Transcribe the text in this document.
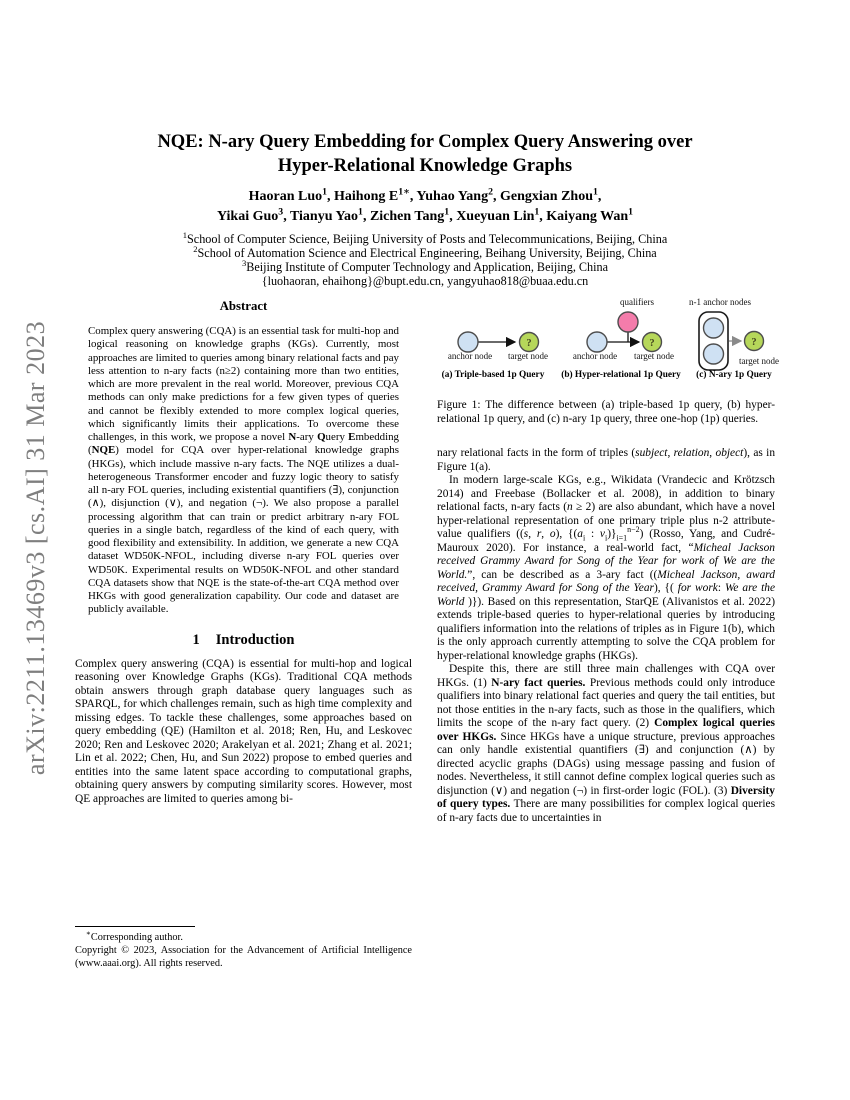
arXiv:2211.13469v3 [cs.AI] 31 Mar 2023
NQE: N-ary Query Embedding for Complex Query Answering over
Hyper-Relational Knowledge Graphs
Haoran Luo$^1$, Haihong $E^{1∗}$, Yuhao Yang$^2$, Gengxian Zhou$^1$,
Yikai Guo$^3$, Tianyu Yao$^1$, Zichen Tang$^1$, Xueyuan Lin$^1$, Kaiyang Wan$^1$
$^1$School of Computer Science, Beijing University of Posts and Telecommunications, Beijing, China
$^2$School of Automation Science and Electrical Engineering, Beihang University, Beijing, China
$^3$Beijing Institute of Computer Technology and Application, Beijing, China
{luohaoran, ehaihong}@bupt.edu.cn, yangyuhao818@buaa.edu.cn
Abstract

Complex query answering (CQA) is an essential task for multi-hop and logical reasoning on knowledge graphs (KGs). Currently, most approaches are limited to queries among binary relational facts and pay less attention to n-ary facts (n≥2) containing more than two entities, which are more prevalent in the real world. Moreover, previous CQA methods can only make predictions for a few given types of queries and cannot be flexibly extended to more complex logical queries, which significantly limits their applications. To overcome these challenges, in this work, we propose a novel N-ary Query Embedding (NQE) model for CQA over hyper-relational knowledge graphs (HKGs), which include massive n-ary facts. The NQE utilizes a dual-heterogeneous Transformer encoder and fuzzy logic theory to satisfy all n-ary FOL queries, including existential quantifiers (∃), conjunction (∧), disjunction (∨), and negation (¬). We also propose a parallel processing algorithm that can train or predict arbitrary n-ary FOL queries in a single batch, regardless of the kind of each query, with good flexibility and extensibility. In addition, we generate a new CQA dataset WD50K-NFOL, including diverse n-ary FOL queries over WD50K. Experimental results on WD50K-NFOL and other standard CQA datasets show that NQE is the state-of-the-art CQA method over HKGs with good generalization capability. Our code and dataset are publicly available.

1 Introduction

Complex query answering (CQA) is essential for multi-hop and logical reasoning over Knowledge Graphs (KGs). Traditional CQA methods obtain answers through graph database query languages such as SPARQL, for which challenges remain, such as high time complexity and missing edges. To tackle these challenges, some approaches based on query embedding (QE) (Hamilton et al. 2018; Ren, Hu, and Leskovec 2020; Ren and Leskovec 2020; Arakelyan et al. 2021; Zhang et al. 2021; Lin et al. 2022; Chen, Hu, and Sun 2022) propose to embed queries and entities into the same latent space according to computational graphs, obtaining query answers by computing similarity scores. However, most QE approaches are limited to queries among bi-

∗Corresponding author.

Copyright © 2023, Association for the Advancement of Artificial Intelligence (www.aaai.org). All rights reserved.

?
anchor node target node
(a) Triple-based 1p Query
?
qualifiers
anchor node target node
(b) Hyper-relational 1p Query
n-1 anchor nodes
?
target node
(c) N-ary 1p Query
Figure 1: The difference between (a) triple-based 1p query, (b) hyper-relational 1p query, and (c) n-ary 1p query, three one-hop (1p) queries.

nary relational facts in the form of triples (subject, relation, object), as in Figure 1(a).

In modern large-scale KGs, e.g., Wikidata (Vrandecic and Krötzsch 2014) and Freebase (Bollacker et al. 2008), in addition to binary relational facts, n-ary facts (n ≥ 2) are also abundant, which have a novel hyper-relational representation of one primary triple plus n-2 attribute-value qualifiers ((s, r, o), {($a_i$ : $v_i)\}_{i=1}^{n-2}$) (Rosso, Yang, and Cudré-Mauroux 2020). For instance, a real-world fact, “Micheal Jackson received Grammy Award for Song of the Year for work of We are the World.”, can be described as a 3-ary fact ((Micheal Jackson, award received, Grammy Award for Song of the Year), {( for work: We are the World )}). Based on this representation, StarQE (Alivanistos et al. 2022) extends triple-based queries to hyper-relational queries by introducing qualifiers information into the relations of triples as in Figure 1(b), which is the only approach currently attempting to solve the CQA problem for hyper-relational knowledge graphs (HKGs).

Despite this, there are still three main challenges with CQA over HKGs. (1) N-ary fact queries. Previous methods could only introduce qualifiers into binary relational fact queries and query the tail entities, but not those entities in the n-ary facts, such as those in the qualifiers, which limits the scope of the n-ary fact query. (2) Complex logical queries over HKGs. Since HKGs have a unique structure, previous approaches can only handle existential quantifiers (∃) and conjunction (∧) by directed acyclic graphs (DAGs) using message passing and fusion of nodes. Nevertheless, it still cannot define complex logical queries such as disjunction (∨) and negation (¬) in first-order logic (FOL). (3) Diversity of query types. There are many possibilities for complex logical queries of n-ary facts due to uncertainties in
